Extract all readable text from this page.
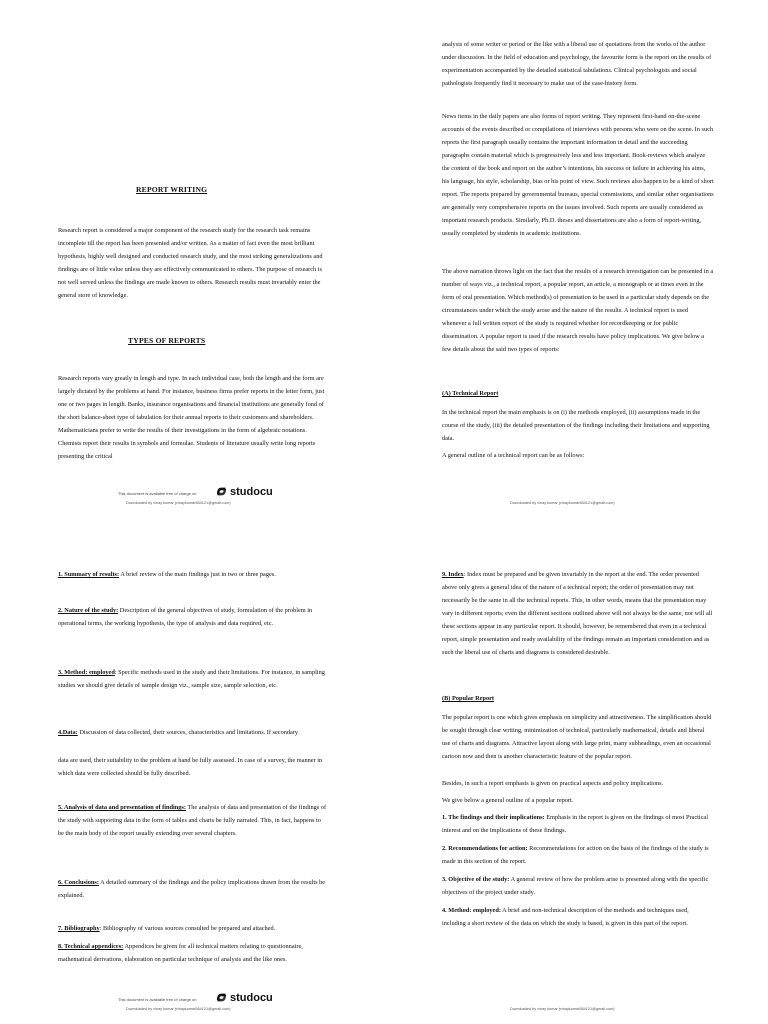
REPORT WRITING

Research report is considered a major component of the research study for the research task remains incomplete till the report has been presented and/or written. As a matter of fact even the most brilliant hypothesis, highly well designed and conducted research study, and the most striking generalizations and findings are of little value unless they are effectively communicated to others. The purpose of research is not well served unless the findings are made known to others. Research results must invariably enter the general store of knowledge.

TYPES OF REPORTS

Research reports vary greatly in length and type. In each individual case, both the length and the form are largely dictated by the problems at hand. For instance, business firms prefer reports in the letter form, just one or two pages in length. Banks, insurance organisations and financial institutions are generally fond of the short balance-sheet type of tabulation for their annual reports to their customers and shareholders. Mathematicians prefer to write the results of their investigations in the form of algebraic notations. Chemists report their results in symbols and formulae. Students of literature usually write long reports presenting the critical

This document is available free of charge on	studocu
Downloaded by vinay kumar (vinaykumar584121@gmail.com)

analysis of some writer or period or the like with a liberal use of quotations from the works of the author under discussion. In the field of education and psychology, the favourite form is the report on the results of experimentation accompanied by the detailed statistical tabulations. Clinical psychologists and social pathologists frequently find it necessary to make use of the case-history form.

News items in the daily papers are also forms of report writing. They represent first-hand on-the-scene accounts of the events described or compilations of interviews with persons who were on the scene. In such reports the first paragraph usually contains the important information in detail and the succeeding paragraphs contain material which is progressively less and less important. Book-reviews which analyze the content of the book and report on the author’s intentions, his success or failure in achieving his aims, his language, his style, scholarship, bias or his point of view. Such reviews also happen to be a kind of short report. The reports prepared by governmental bureaus, special commissions, and similar other organisations are generally very comprehensive reports on the issues involved. Such reports are usually considered as important research products. Similarly, Ph.D. theses and dissertations are also a form of report-writing, usually completed by students in academic institutions.

The above narration throws light on the fact that the results of a research investigation can be presented in a number of ways viz., a technical report, a popular report, an article, a monograph or at times even in the form of oral presentation. Which method(s) of presentation to be used in a particular study depends on the circumstances under which the study arose and the nature of the results. A technical report is used whenever a full written report of the study is required whether for recordkeeping or for public dissemination. A popular report is used if the research results have policy implications. We give below a few details about the said two types of reports:

(A) Technical Report

In the technical report the main emphasis is on (i) the methods employed, (ii) assumptions made in the course of the study, (iii) the detailed presentation of the findings including their limitations and supporting data.

A general outline of a technical report can be as follows:

Downloaded by vinay kumar (vinaykumar584121@gmail.com)

1. Summary of results: A brief review of the main findings just in two or three pages.

2. Nature of the study: Description of the general objectives of study, formulation of the problem in operational terms, the working hypothesis, the type of analysis and data required, etc.

3. Method: employed: Specific methods used in the study and their limitations. For instance, in sampling studies we should give details of sample design viz., sample size, sample selection, etc.

4.Data: Discussion of data collected, their sources, characteristics and limitations. If secondary

data are used, their suitability to the problem at hand be fully assessed. In case of a survey, the manner in which data were collected should be fully described.

5. Analysis of data and presentation of findings: The analysis of data and presentation of the findings of the study with supporting data in the form of tables and charts be fully narrated. This, in fact, happens to be the main body of the report usually extending over several chapters.

6. Conclusions: A detailed summary of the findings and the policy implications drawn from the results be explained.

7. Bibliography: Bibliography of various sources consulted be prepared and attached.

8. Technical appendices: Appendices be given for all technical matters relating to questionnaire, mathematical derivations, elaboration on particular technique of analysis and the like ones.

This document is available free of charge on	studocu
Downloaded by vinay kumar (vinaykumar584121@gmail.com)

9. Index: Index must be prepared and be given invariably in the report at the end. The order presented above only gives a general idea of the nature of a technical report; the order of presentation may not necessarily be the same in all the technical reports. This, in other words, means that the presentation may vary in different reports; even the different sections outlined above will not always be the same, nor will all these sections appear in any particular report. It should, however, be remembered that even in a technical report, simple presentation and ready availability of the findings remain an important consideration and as such the liberal use of charts and diagrams is considered desirable.

(B) Popular Report

The popular report is one which gives emphasis on simplicity and attractiveness. The simplification should be sought through clear writing, minimization of technical, particularly mathematical, details and liberal use of charts and diagrams. Attractive layout along with large print, many subheadings, even an occasional cartoon now and then is another characteristic feature of the popular report.

Besides, in such a report emphasis is given on practical aspects and policy implications.

We give below a general outline of a popular report.

1. The findings and their implications: Emphasis in the report is given on the findings of most Practical interest and on the implications of these findings.

2. Recommendations for action: Recommendations for action on the basis of the findings of the study is made in this section of the report.

3. Objective of the study: A general review of how the problem arise is presented along with the specific objectives of the project under study.

4. Method: employed: A brief and non-technical description of the methods and techniques used, including a short review of the data on which the study is based, is given in this part of the report.

Downloaded by vinay kumar (vinaykumar584121@gmail.com)
